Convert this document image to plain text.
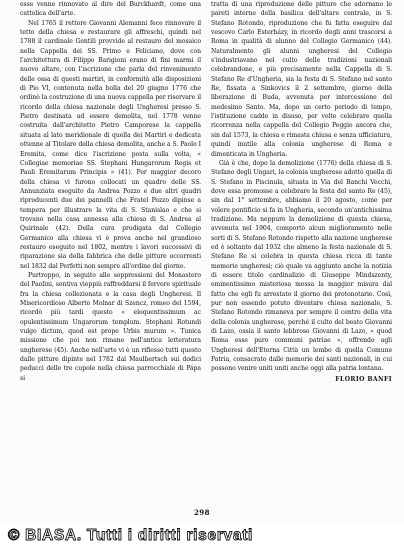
esse venne rinnovato al dire del Burckhardt, come una cattolica dell'arte.

Nel 1765 il rettore Giovanni Alemanni fece rinnovare il tetto della chiesa e restaurare gli affreschi, quindi nel 1788 il cardinale Gentili provvide al restauro del mosaico nella Cappella dei SS. Primo e Feliciano, dove con l'architettura di Filippo Barigioni erano di fini marmi il nuovo altare, con l'iscrizione che parla del rinvenimento delle ossa di questi martiri, in conformità alle disposizioni di Pio VI, contenuta nella bolla del 20 giugno 1776 che ordinò la costruzione di una nuova cappella per riservare il ricordo della chiesa nazionale degli Ungheresi presso S. Pietro destinata ad essere demolita, nel 1778 venne costruita dall'architetto Pietro Camporese la cappella situata al lato meridionale di quella dei Martiri e dedicata ottenne al Titolare della chiesa demolita, anche a S. Paolo I Eremita, come dice l'iscrizione posta sulla volta, « Collegiae memoriae SS. Stephani Hungarorum Regis et Pauli Eremitarum Principis » (41). Per maggior decoro della chiesa vi furono collocati un quadro delle SS. Annunziata eseguito da Andrea Pozzo e due altri quadri riproducenti due dei pannelli che Fratel Pozzo dipinse a tempera per illustrare la vita di S. Stanislao e che si trovano nella casa annessa alla chiesa di S. Andrea al Quirinale (42). Della cura prodigata dal Collegio Germanico alla chiesa vi è prova anche nel grandioso restauro eseguito nel 1802, mentre i lavori successivi di riparazione sia della fabbrica che delle pitture occorrenti nel 1832 dal Perfetti non sempre all'ordine del giorno.

Purtroppo, in seguito alle soppressioni del Monastero del Paolini, sentiva vieppiù raffreddarsi il fervore spirituale fra la chiesa collezionata e la casa degli Ungheresi. Il Misericordioso Alberto Molnar di Szencz, romeo del 1594, ricordò più tardi questo « eloquentissimum ac opulentissimum Ungarorum templum. Stephani Rotundi vulgo dictum, quod est prope Urbis murum ». Tunica missione che poi non rimane nell'antica letteratura ungherese (45). Anche nell'arte vi è un riflesso tutti questo dalle pitture dipinte nel 1782 dal Maulbertsch sui dodici peducci delle tre cupole nella chiesa parrocchiale di Pápa si

tratta di una riproduzione delle pitture che adornano le pareti interne della basilica dell'altare centrale, in S. Stefano Rotondo, riproduzione che fu fatta eseguire dal vescovo Carlo Esterházy, in ricordo degli anni trascorsi a Roma in qualità di alunno del Collegio Germanico (44). Naturalmente gli alunni ungheresi del Collegio s'industriavano nel culto delle tradizioni nazionali celebrandone, e più precisamente nella Cappella di S. Stefano Re d'Ungheria, sia la festa di S. Stefano nel santo Re, fissata a Sinkovics il 2 settembre, giorno della liberazione di Buda, avvenuta per intercessione del medesimo Santo. Ma, dopo un certo periodo di tempo, l'istituzione cadde in disuso, per volte celebrare quella ricorrenza nella cappella del Collegio Peggio ancora che, sin dal 1573, la chiesa e rimasta chiusa e senza ufficiatura, quindi inutile alla colonia ungherese di Roma e dimenticata in Ungheria.

Già è che, dopo la demolizione (1776) della chiesa di S. Stefano degli Ungari, la colonia ungherese adottò quella di S. Stefano in Piscinula, situata in Via del Banchi Vecchi, dove essa promosse a celebrare la festa del santo Re (45), sin dal 1° settembre, abbiamo il 20 agosto, come per volere pontificio si fa in Ungheria, secondo un'antichissima tradizione. Ma neppure la demolizione di questa chiesa, avvenuta nel 1904, comportò alcun miglioramento nelle sorti di S. Stefano Rotondo rispetto alla nazione ungherese ed è soltanto dal 1932 che almeno la festa nazionale di S. Stefano Re si celebra in questa chiesa ricca di tante memorie ungheresi; ciò quale va aggiunto anche la notizia di essere titolo cardinalizio di Giuseppe Mindszenty, eminentissimo misteriosa messa la maggior misura dal fatto che egli fu arrestato il giorno dei protonotarie. Così, pur non essendo potuto diventare chiesa nazionale, S. Stefano Rotondo rimaneva per sempre il centro della vita della colonia ungherese, perché il culto del beato Giovanni di Lazo, ossia il santo lebbroso Giovanni di Lazo, « quod Roma esse puro communi patriae », offrendo agli Ungheresi dell'Eterna Città un lembo di quella Comune Patria, consacrato dalle memorie dei santi nazionali, in cui possono venire uniti uniti anche oggi alla patria lontana.

FLORIO BANFI

298
© BIASA. Tutti i diritti riservati
